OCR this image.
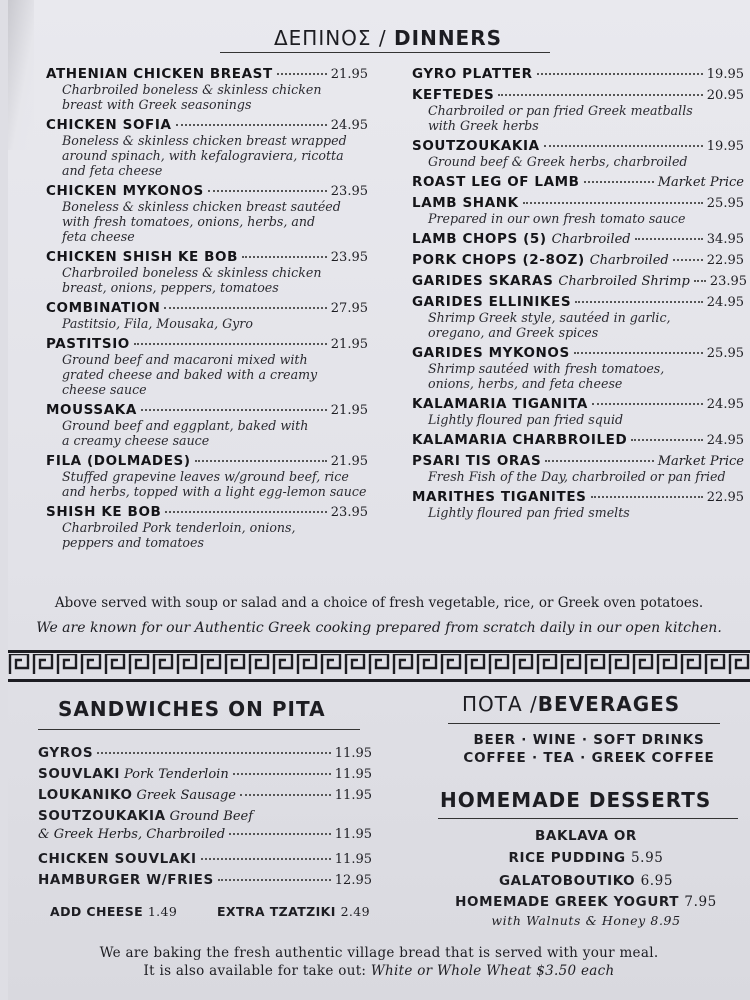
ΔΕΠΙΝΟΣ / DINNERS
ATHENIAN CHICKEN BREAST	21.95
Charbroiled boneless & skinless chicken
breast with Greek seasonings
CHICKEN SOFIA	24.95
Boneless & skinless chicken breast wrapped
around spinach, with kefalograviera, ricotta
and feta cheese
CHICKEN MYKONOS	23.95
Boneless & skinless chicken breast sautéed
with fresh tomatoes, onions, herbs, and
feta cheese
CHICKEN SHISH KE BOB	23.95
Charbroiled boneless & skinless chicken
breast, onions, peppers, tomatoes
COMBINATION	27.95
Pastitsio, Fila, Mousaka, Gyro
PASTITSIO	21.95
Ground beef and macaroni mixed with
grated cheese and baked with a creamy
cheese sauce
MOUSSAKA	21.95
Ground beef and eggplant, baked with
a creamy cheese sauce
FILA (DOLMADES)	21.95
Stuffed grapevine leaves w/ground beef, rice
and herbs, topped with a light egg-lemon sauce
SHISH KE BOB	23.95
Charbroiled Pork tenderloin, onions,
peppers and tomatoes
GYRO PLATTER	19.95
KEFTEDES	20.95
Charbroiled or pan fried Greek meatballs
with Greek herbs
SOUTZOUKAKIA	19.95
Ground beef & Greek herbs, charbroiled
ROAST LEG OF LAMB	Market Price
LAMB SHANK	25.95
Prepared in our own fresh tomato sauce
LAMB CHOPS (5) Charbroiled	34.95
PORK CHOPS (2-8OZ) Charbroiled	22.95
GARIDES SKARAS Charbroiled Shrimp 23.95
GARIDES ELLINIKES	24.95
Shrimp Greek style, sautéed in garlic,
oregano, and Greek spices
GARIDES MYKONOS	25.95
Shrimp sautéed with fresh tomatoes,
onions, herbs, and feta cheese
KALAMARIA TIGANITA	24.95
Lightly floured pan fried squid
KALAMARIA CHARBROILED	24.95
PSARI TIS ORAS	Market Price
Fresh Fish of the Day, charbroiled or pan fried
MARITHES TIGANITES	22.95
Lightly floured pan fried smelts
Above served with soup or salad and a choice of fresh vegetable, rice, or Greek oven potatoes.
We are known for our Authentic Greek cooking prepared from scratch daily in our open kitchen.
SANDWICHES ON PITA
GYROS	11.95
SOUVLAKI Pork Tenderloin	11.95
LOUKANIKO Greek Sausage	11.95
SOUTZOUKAKIA Ground Beef
& Greek Herbs, Charbroiled	11.95
CHICKEN SOUVLAKI	11.95
HAMBURGER W/FRIES	12.95
ADD CHEESE 1.49	EXTRA TZATZIKI 2.49
ΠΟΤΑ /BEVERAGES
BEER · WINE · SOFT DRINKS
COFFEE · TEA · GREEK COFFEE
HOMEMADE DESSERTS
BAKLAVA OR
RICE PUDDING 5.95
GALATOBOUTIKO 6.95
HOMEMADE GREEK YOGURT 7.95
with Walnuts & Honey 8.95
We are baking the fresh authentic village bread that is served with your meal.
It is also available for take out: White or Whole Wheat $3.50 each
